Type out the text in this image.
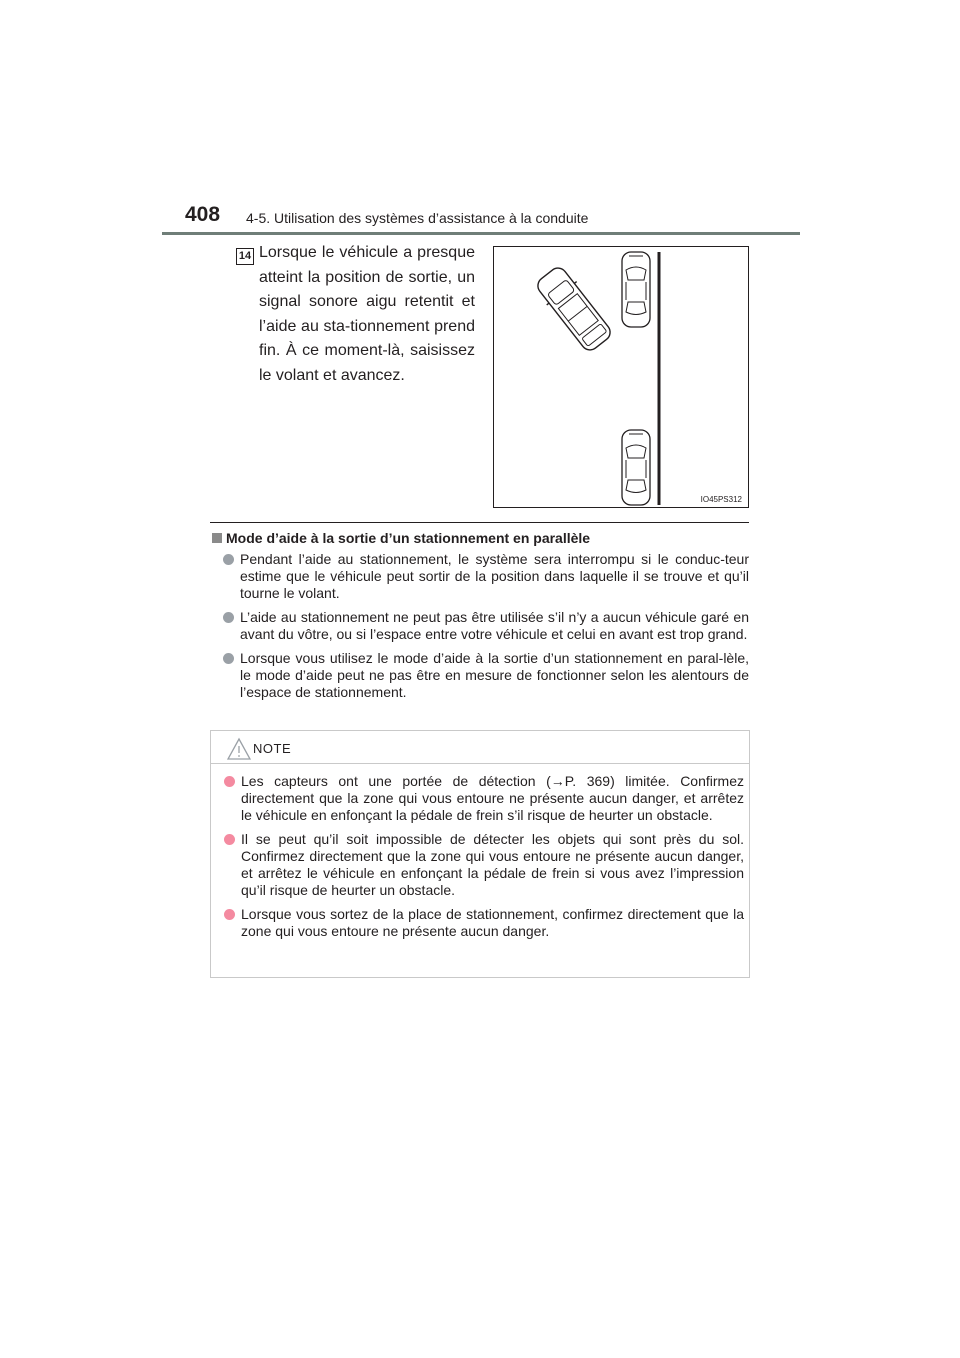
408 4-5. Utilisation des systèmes d’assistance à la conduite
14 Lorsque le véhicule a presque atteint la position de sortie, un signal sonore aigu retentit et l’aide au sta-tionnement prend fin. À ce moment-là, saisissez le volant et avancez.
IO45PS312
Mode d’aide à la sortie d’un stationnement en parallèle
Pendant l’aide au stationnement, le système sera interrompu si le conduc-teur estime que le véhicule peut sortir de la position dans laquelle il se trouve et qu’il tourne le volant.
L’aide au stationnement ne peut pas être utilisée s’il n’y a aucun véhicule garé en avant du vôtre, ou si l’espace entre votre véhicule et celui en avant est trop grand.
Lorsque vous utilisez le mode d’aide à la sortie d’un stationnement en paral-lèle, le mode d’aide peut ne pas être en mesure de fonctionner selon les alentours de l’espace de stationnement.
NOTE
Les capteurs ont une portée de détection (→P. 369) limitée. Confirmez directement que la zone qui vous entoure ne présente aucun danger, et arrêtez le véhicule en enfonçant la pédale de frein s’il risque de heurter un obstacle.
Il se peut qu’il soit impossible de détecter les objets qui sont près du sol. Confirmez directement que la zone qui vous entoure ne présente aucun danger, et arrêtez le véhicule en enfonçant la pédale de frein si vous avez l’impression qu’il risque de heurter un obstacle.
Lorsque vous sortez de la place de stationnement, confirmez directement que la zone qui vous entoure ne présente aucun danger.
